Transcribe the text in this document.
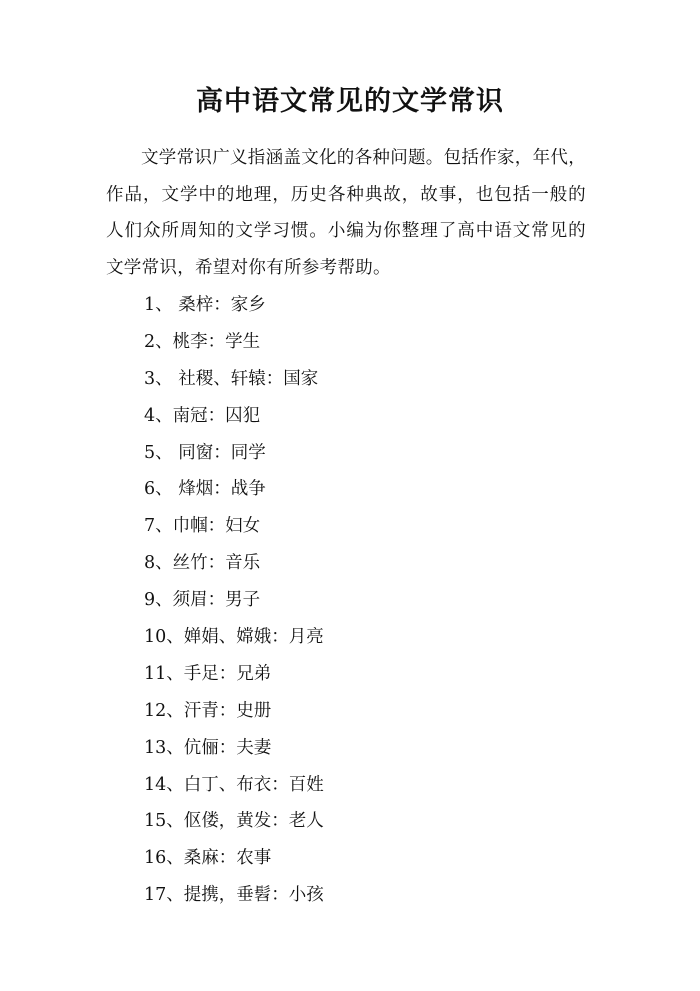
高中语文常见的文学常识

文学常识广义指涵盖文化的各种问题。包括作家，年代，作品，文学中的地理，历史各种典故，故事，也包括一般的人们众所周知的文学习惯。小编为你整理了高中语文常见的文学常识，希望对你有所参考帮助。

1、 桑梓：家乡
2、桃李：学生
3、 社稷、轩辕：国家
4、南冠：囚犯
5、 同窗：同学
6、 烽烟：战争
7、巾帼：妇女
8、丝竹：音乐
9、须眉：男子
10、婵娟、嫦娥：月亮
11、手足：兄弟
12、汗青：史册
13、伉俪：夫妻
14、白丁、布衣：百姓
15、伛偻，黄发：老人
16、桑麻：农事
17、提携，垂髫：小孩
